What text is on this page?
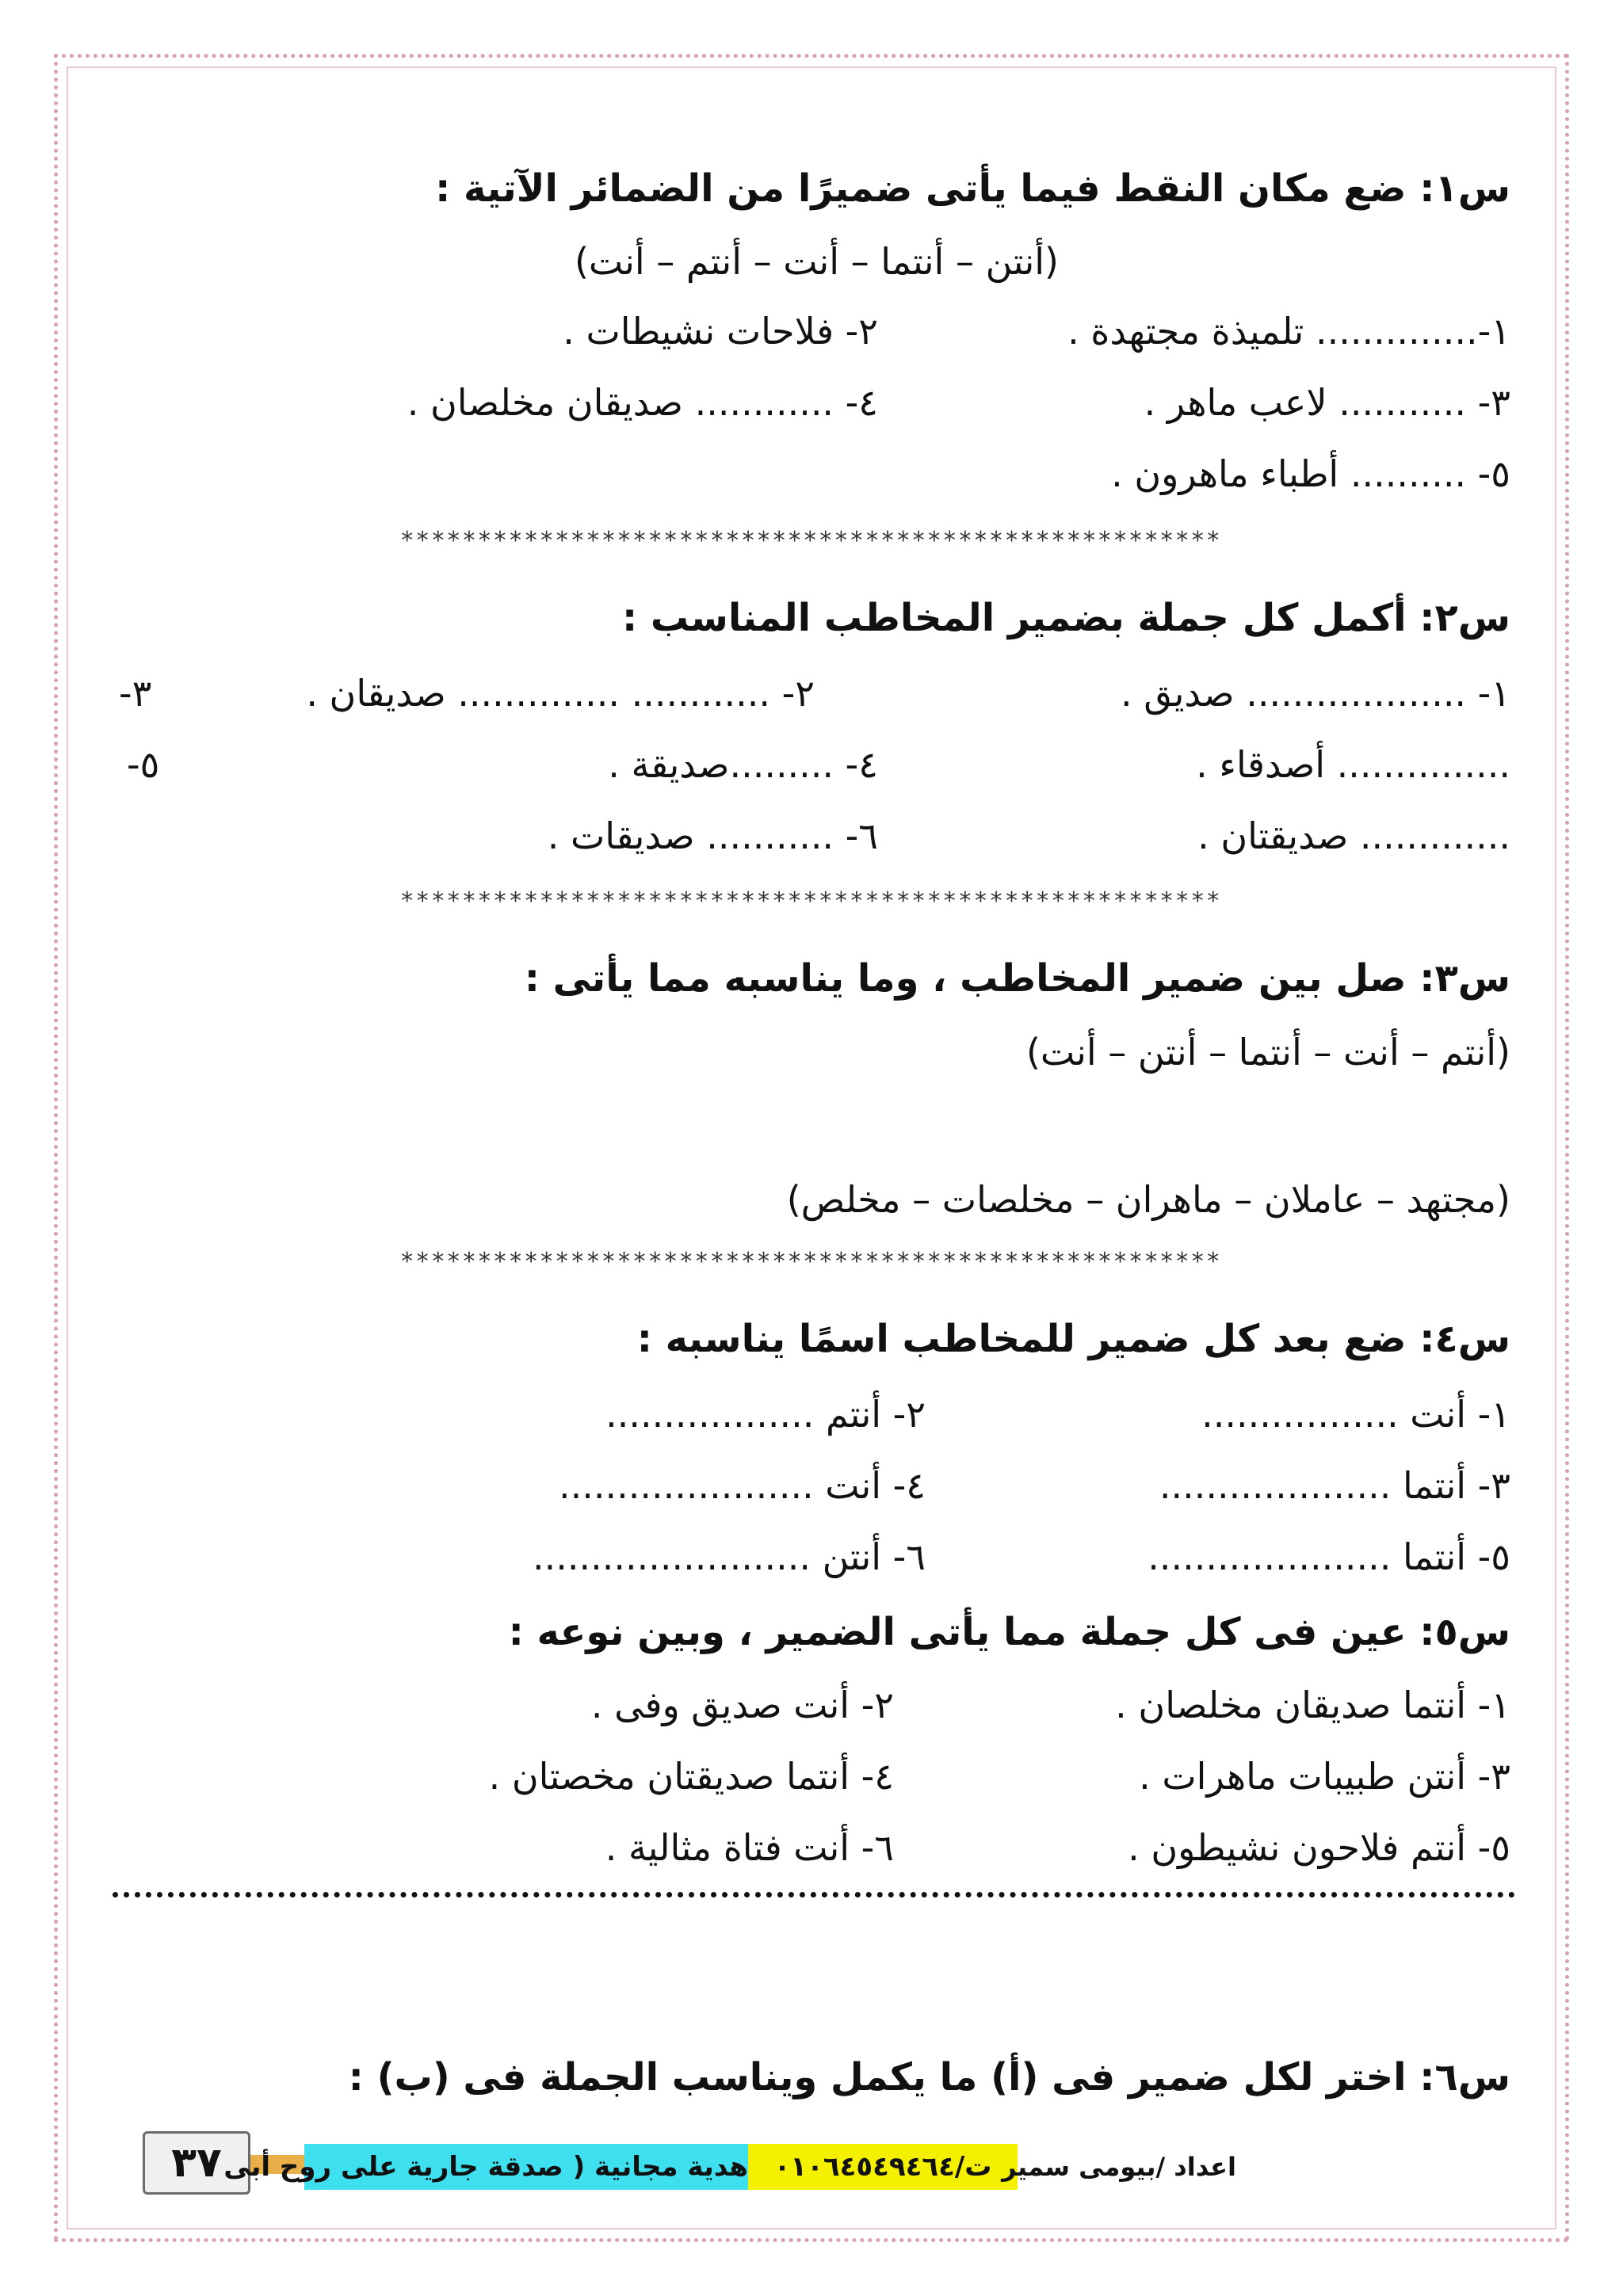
س١: ضع مكان النقط فيما يأتى ضميرًا من الضمائر الآتية :
(أنتن – أنتما – أنت – أنتم – أنت)
١-.............. تلميذة مجتهدة .
٢- فلاحات نشيطات .
٣- ........... لاعب ماهر .
٤- ............ صديقان مخلصان .
٥- .......... أطباء ماهرون .
*****************************************************
س٢: أكمل كل جملة بضمير المخاطب المناسب :
١- ................... صديق .
٢- ............ .............. صديقان .
٣-
............... أصدقاء .
٤- .........صديقة .
٥-
............. صديقتان .
٦- ........... صديقات .
*****************************************************
س٣: صل بين ضمير المخاطب ، وما يناسبه مما يأتى :
(أنتم – أنت – أنتما – أنتن – أنت)
(مجتهد – عاملان – ماهران – مخلصات – مخلص)
*****************************************************
س٤: ضع بعد كل ضمير للمخاطب اسمًا يناسبه :
١- أنت .................
٢- أنتم ..................
٣- أنتما ....................
٤- أنت ......................
٥- أنتما .....................
٦- أنتن ........................
س٥: عين فى كل جملة مما يأتى الضمير ، وبين نوعه :
١- أنتما صديقان مخلصان .
٢- أنت صديق وفى .
٣- أنتن طبيبات ماهرات .
٤- أنتما صديقتان مخصتان .
٥- أنتم فلاحون نشيطون .
٦- أنت فتاة مثالية .
س٦: اختر لكل ضمير فى (أ) ما يكمل ويناسب الجملة فى (ب) :
٣٧ هدية مجانية ( صدقة جارية على روح أبى ت/٠١٠٦٤٥٤٩٤٦٤ اعداد /بيومى سمير
